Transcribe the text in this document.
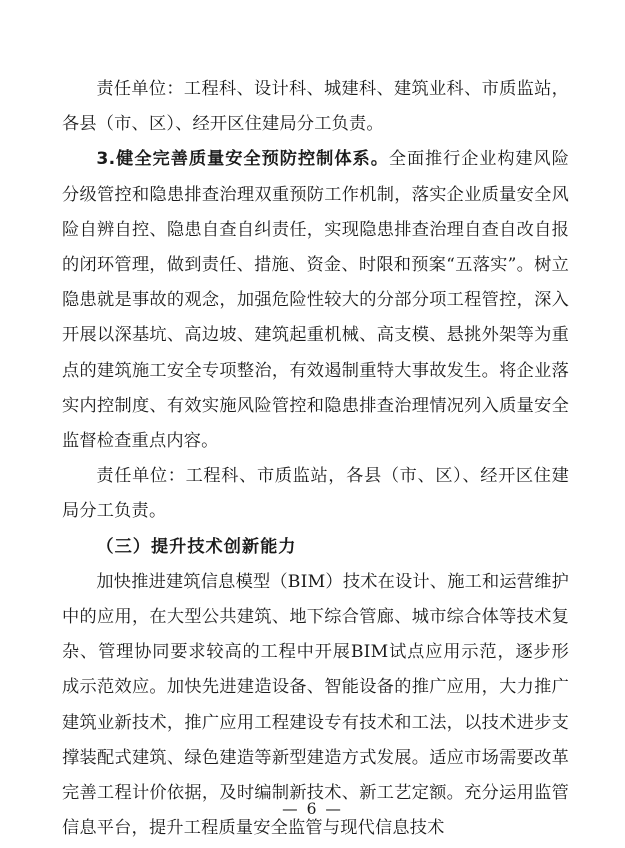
责任单位：工程科、设计科、城建科、建筑业科、市质监站，各县（市、区）、经开区住建局分工负责。

3.健全完善质量安全预防控制体系。全面推行企业构建风险分级管控和隐患排查治理双重预防工作机制，落实企业质量安全风险自辨自控、隐患自查自纠责任，实现隐患排查治理自查自改自报的闭环管理，做到责任、措施、资金、时限和预案“五落实”。树立隐患就是事故的观念，加强危险性较大的分部分项工程管控，深入开展以深基坑、高边坡、建筑起重机械、高支模、悬挑外架等为重点的建筑施工安全专项整治，有效遏制重特大事故发生。将企业落实内控制度、有效实施风险管控和隐患排查治理情况列入质量安全监督检查重点内容。

责任单位：工程科、市质监站，各县（市、区）、经开区住建局分工负责。

（三）提升技术创新能力

加快推进建筑信息模型（BIM）技术在设计、施工和运营维护中的应用，在大型公共建筑、地下综合管廊、城市综合体等技术复杂、管理协同要求较高的工程中开展BIM试点应用示范，逐步形成示范效应。加快先进建造设备、智能设备的推广应用，大力推广建筑业新技术，推广应用工程建设专有技术和工法，以技术进步支撑装配式建筑、绿色建造等新型建造方式发展。适应市场需要改革完善工程计价依据，及时编制新技术、新工艺定额。充分运用监管信息平台，提升工程质量安全监管与现代信息技术

— 6 —
